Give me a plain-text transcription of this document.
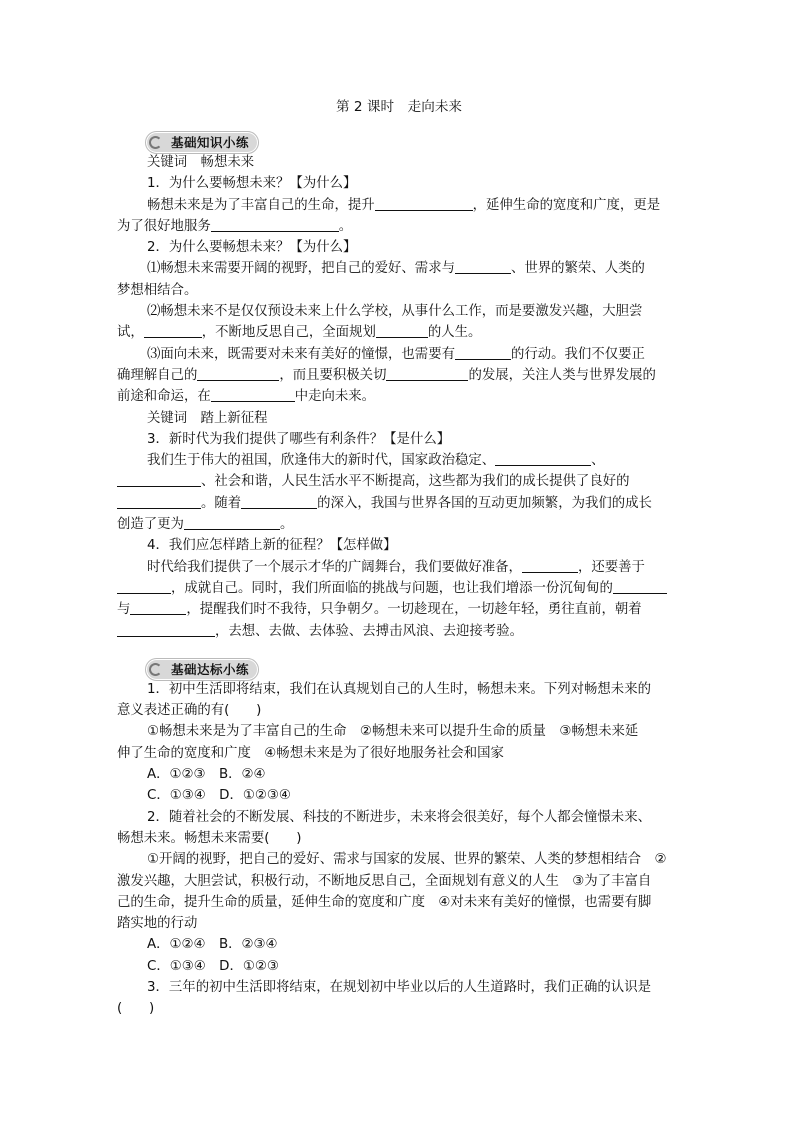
第 2 课时　走向未来
基础知识小练

关键词　畅想未来

1．为什么要畅想未来？【为什么】

畅想未来是为了丰富自己的生命，提升	，延伸生命的宽度和广度，更是

为了很好地服务	。

2．为什么要畅想未来？【为什么】

⑴畅想未来需要开阔的视野，把自己的爱好、需求与	、世界的繁荣、人类的

梦想相结合。

⑵畅想未来不是仅仅预设未来上什么学校，从事什么工作，而是要激发兴趣，大胆尝

试，	，不断地反思自己，全面规划	的人生。

⑶面向未来，既需要对未来有美好的憧憬，也需要有	的行动。我们不仅要正

确理解自己的	，而且要积极关切	的发展，关注人类与世界发展的

前途和命运，在	中走向未来。

关键词　踏上新征程

3．新时代为我们提供了哪些有利条件？【是什么】

我们生于伟大的祖国，欣逢伟大的新时代，国家政治稳定、	、

、社会和谐，人民生活水平不断提高，这些都为我们的成长提供了良好的

。随着	的深入，我国与世界各国的互动更加频繁，为我们的成长

创造了更为	。

4．我们应怎样踏上新的征程？【怎样做】

时代给我们提供了一个展示才华的广阔舞台，我们要做好准备，	，还要善于

，成就自己。同时，我们所面临的挑战与问题，也让我们增添一份沉甸甸的

与	，提醒我们时不我待，只争朝夕。一切趁现在，一切趁年轻，勇往直前，朝着

，去想、去做、去体验、去搏击风浪、去迎接考验。

基础达标小练

1．初中生活即将结束，我们在认真规划自己的人生时，畅想未来。下列对畅想未来的

意义表述正确的有(　　)

①畅想未来是为了丰富自己的生命　②畅想未来可以提升生命的质量　③畅想未来延

伸了生命的宽度和广度　④畅想未来是为了很好地服务社会和国家

A．①②③　B．②④

C．①③④　D．①②③④

2．随着社会的不断发展、科技的不断进步，未来将会很美好，每个人都会憧憬未来、

畅想未来。畅想未来需要(　　)

①开阔的视野，把自己的爱好、需求与国家的发展、世界的繁荣、人类的梦想相结合　②

激发兴趣，大胆尝试，积极行动，不断地反思自己，全面规划有意义的人生　③为了丰富自

己的生命，提升生命的质量，延伸生命的宽度和广度　④对未来有美好的憧憬，也需要有脚

踏实地的行动

A．①②④　B．②③④

C．①③④　D．①②③

3．三年的初中生活即将结束，在规划初中毕业以后的人生道路时，我们正确的认识是

(　　)
